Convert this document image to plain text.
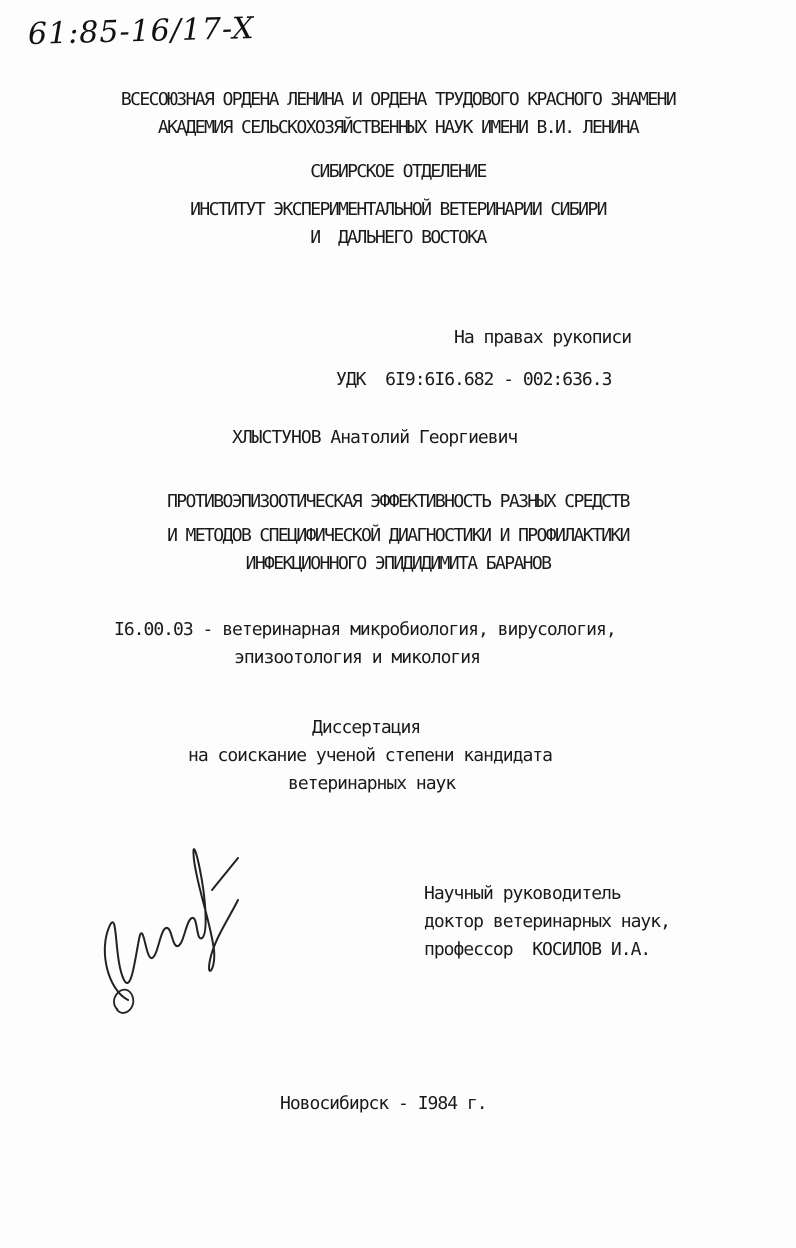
61:85-16/17-X
ВСЕСОЮЗНАЯ ОРДЕНА ЛЕНИНА И ОРДЕНА ТРУДОВОГО КРАСНОГО ЗНАМЕНИ
АКАДЕМИЯ СЕЛЬСКОХОЗЯЙСТВЕННЫХ НАУК ИМЕНИ В.И. ЛЕНИНА
СИБИРСКОЕ ОТДЕЛЕНИЕ
ИНСТИТУТ ЭКСПЕРИМЕНТАЛЬНОЙ ВЕТЕРИНАРИИ СИБИРИ
И  ДАЛЬНЕГО ВОСТОКА
На правах рукописи
УДК  6I9:6I6.682 - 002:636.3
ХЛЫСТУНОВ Анатолий Георгиевич
ПРОТИВОЭПИЗООТИЧЕСКАЯ ЭФФЕКТИВНОСТЬ РАЗНЫХ СРЕДСТВ
И МЕТОДОВ СПЕЦИФИЧЕСКОЙ ДИАГНОСТИКИ И ПРОФИЛАКТИКИ
ИНФЕКЦИОННОГО ЭПИДИДИМИТА БАРАНОВ
I6.00.03 - ветеринарная микробиология, вирусология,
эпизоотология и микология
Диссертация
на соискание ученой степени кандидата
ветеринарных наук
Научный руководитель
доктор ветеринарных наук,
профессор  КОСИЛОВ И.А.
Новосибирск - I984 г.
